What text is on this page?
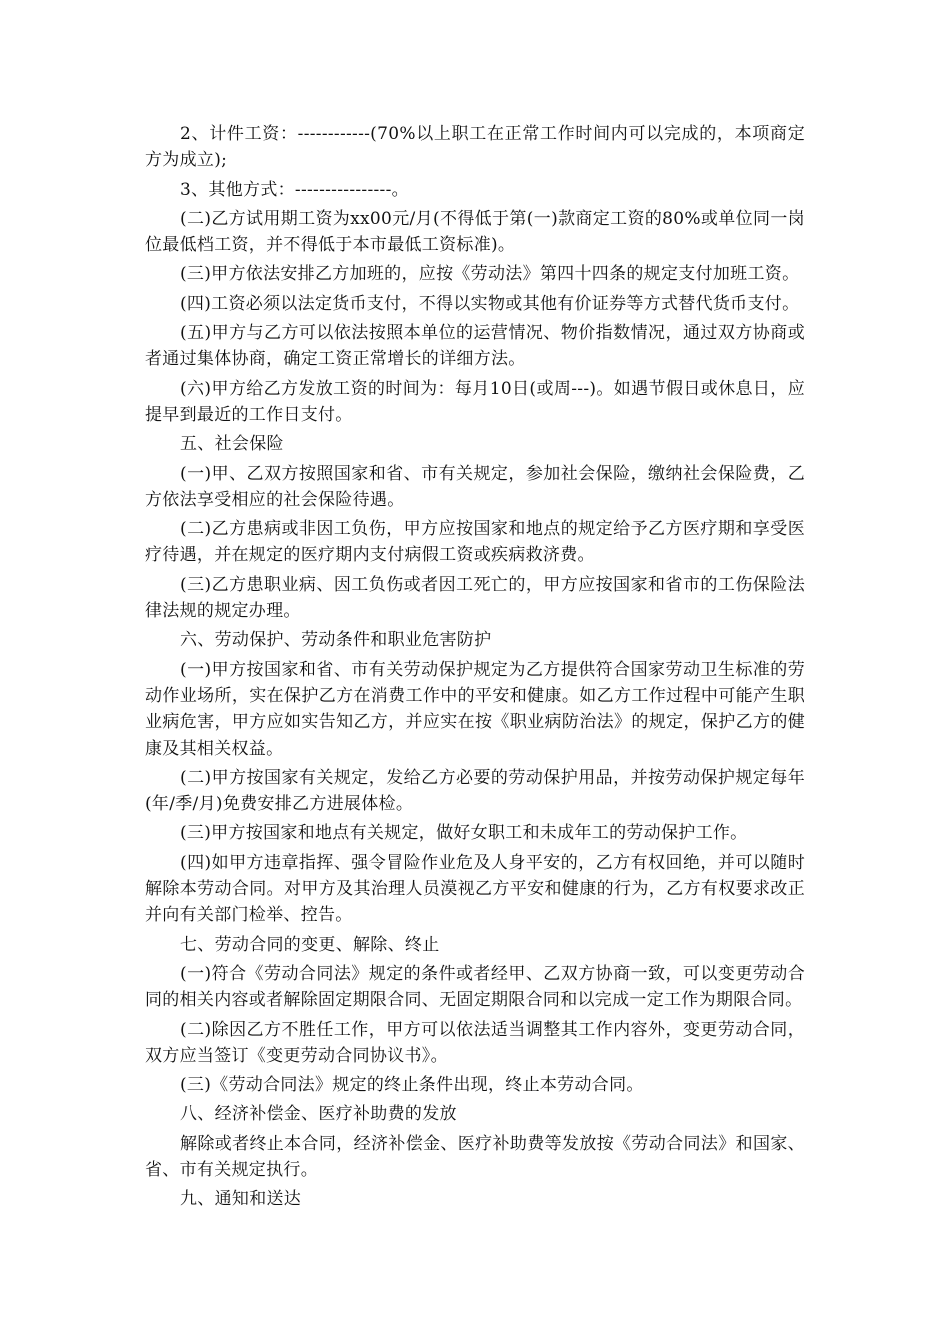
2、计件工资：------------(70%以上职工在正常工作时间内可以完成的，本项商定方为成立);

3、其他方式：----------------。

(二)乙方试用期工资为xx00元/月(不得低于第(一)款商定工资的80%或单位同一岗位最低档工资，并不得低于本市最低工资标准)。

(三)甲方依法安排乙方加班的，应按《劳动法》第四十四条的规定支付加班工资。

(四)工资必须以法定货币支付，不得以实物或其他有价证券等方式替代货币支付。

(五)甲方与乙方可以依法按照本单位的运营情况、物价指数情况，通过双方协商或者通过集体协商，确定工资正常增长的详细方法。

(六)甲方给乙方发放工资的时间为：每月10日(或周---)。如遇节假日或休息日，应提早到最近的工作日支付。

五、社会保险

(一)甲、乙双方按照国家和省、市有关规定，参加社会保险，缴纳社会保险费，乙方依法享受相应的社会保险待遇。

(二)乙方患病或非因工负伤，甲方应按国家和地点的规定给予乙方医疗期和享受医疗待遇，并在规定的医疗期内支付病假工资或疾病救济费。

(三)乙方患职业病、因工负伤或者因工死亡的，甲方应按国家和省市的工伤保险法律法规的规定办理。

六、劳动保护、劳动条件和职业危害防护

(一)甲方按国家和省、市有关劳动保护规定为乙方提供符合国家劳动卫生标准的劳动作业场所，实在保护乙方在消费工作中的平安和健康。如乙方工作过程中可能产生职业病危害，甲方应如实告知乙方，并应实在按《职业病防治法》的规定，保护乙方的健康及其相关权益。

(二)甲方按国家有关规定，发给乙方必要的劳动保护用品，并按劳动保护规定每年(年/季/月)免费安排乙方进展体检。

(三)甲方按国家和地点有关规定，做好女职工和未成年工的劳动保护工作。

(四)如甲方违章指挥、强令冒险作业危及人身平安的，乙方有权回绝，并可以随时解除本劳动合同。对甲方及其治理人员漠视乙方平安和健康的行为，乙方有权要求改正并向有关部门检举、控告。

七、劳动合同的变更、解除、终止

(一)符合《劳动合同法》规定的条件或者经甲、乙双方协商一致，可以变更劳动合同的相关内容或者解除固定期限合同、无固定期限合同和以完成一定工作为期限合同。

(二)除因乙方不胜任工作，甲方可以依法适当调整其工作内容外，变更劳动合同，双方应当签订《变更劳动合同协议书》。

(三)《劳动合同法》规定的终止条件出现，终止本劳动合同。

八、经济补偿金、医疗补助费的发放

解除或者终止本合同，经济补偿金、医疗补助费等发放按《劳动合同法》和国家、省、市有关规定执行。

九、通知和送达
